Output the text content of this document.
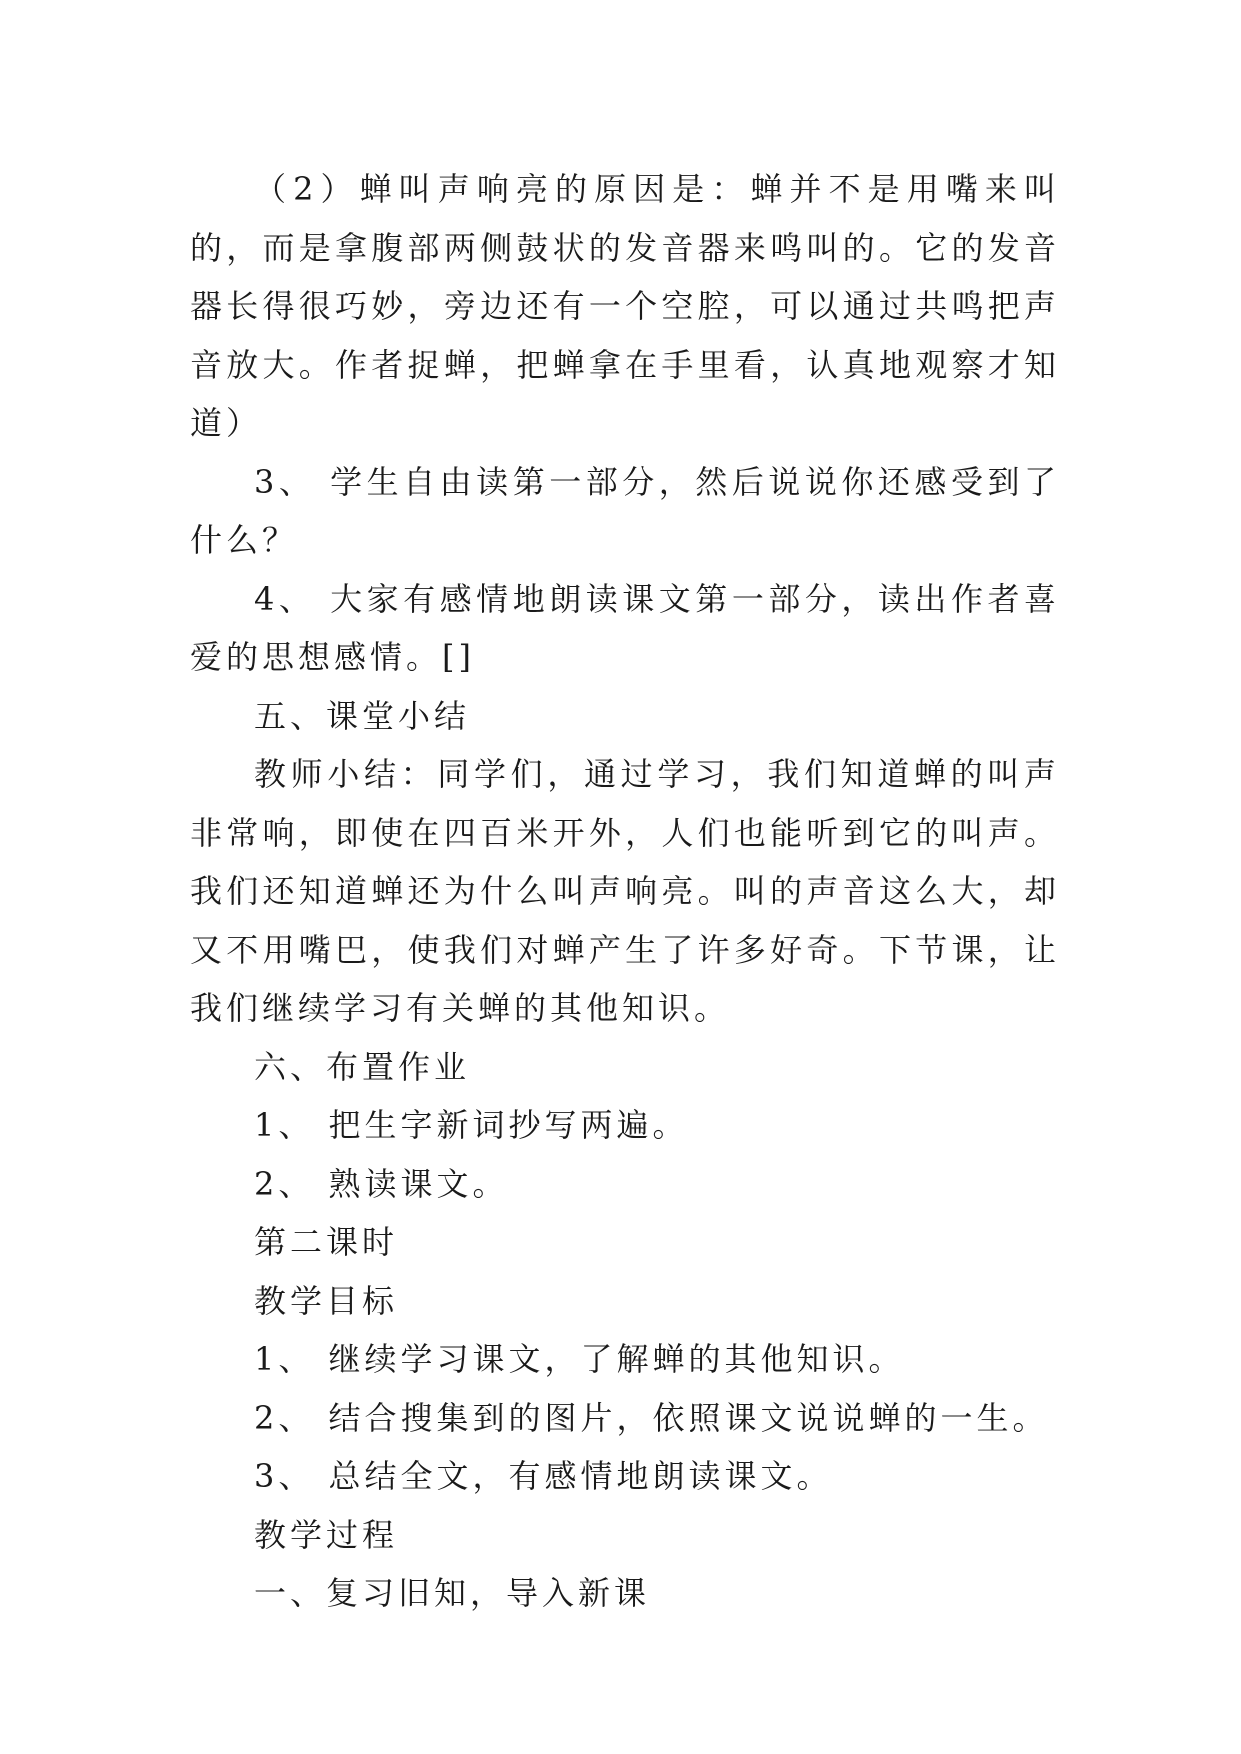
（2）蝉叫声响亮的原因是：蝉并不是用嘴来叫的，而是拿腹部两侧鼓状的发音器来鸣叫的。它的发音器长得很巧妙，旁边还有一个空腔，可以通过共鸣把声音放大。作者捉蝉，把蝉拿在手里看，认真地观察才知道）

3、 学生自由读第一部分，然后说说你还感受到了什么？

4、 大家有感情地朗读课文第一部分，读出作者喜爱的思想感情。[]

五、课堂小结

教师小结：同学们，通过学习，我们知道蝉的叫声非常响，即使在四百米开外，人们也能听到它的叫声。我们还知道蝉还为什么叫声响亮。叫的声音这么大，却又不用嘴巴，使我们对蝉产生了许多好奇。下节课，让我们继续学习有关蝉的其他知识。

六、布置作业

1、 把生字新词抄写两遍。

2、 熟读课文。

第二课时

教学目标

1、 继续学习课文，了解蝉的其他知识。

2、 结合搜集到的图片，依照课文说说蝉的一生。

3、 总结全文，有感情地朗读课文。

教学过程

一、复习旧知，导入新课
